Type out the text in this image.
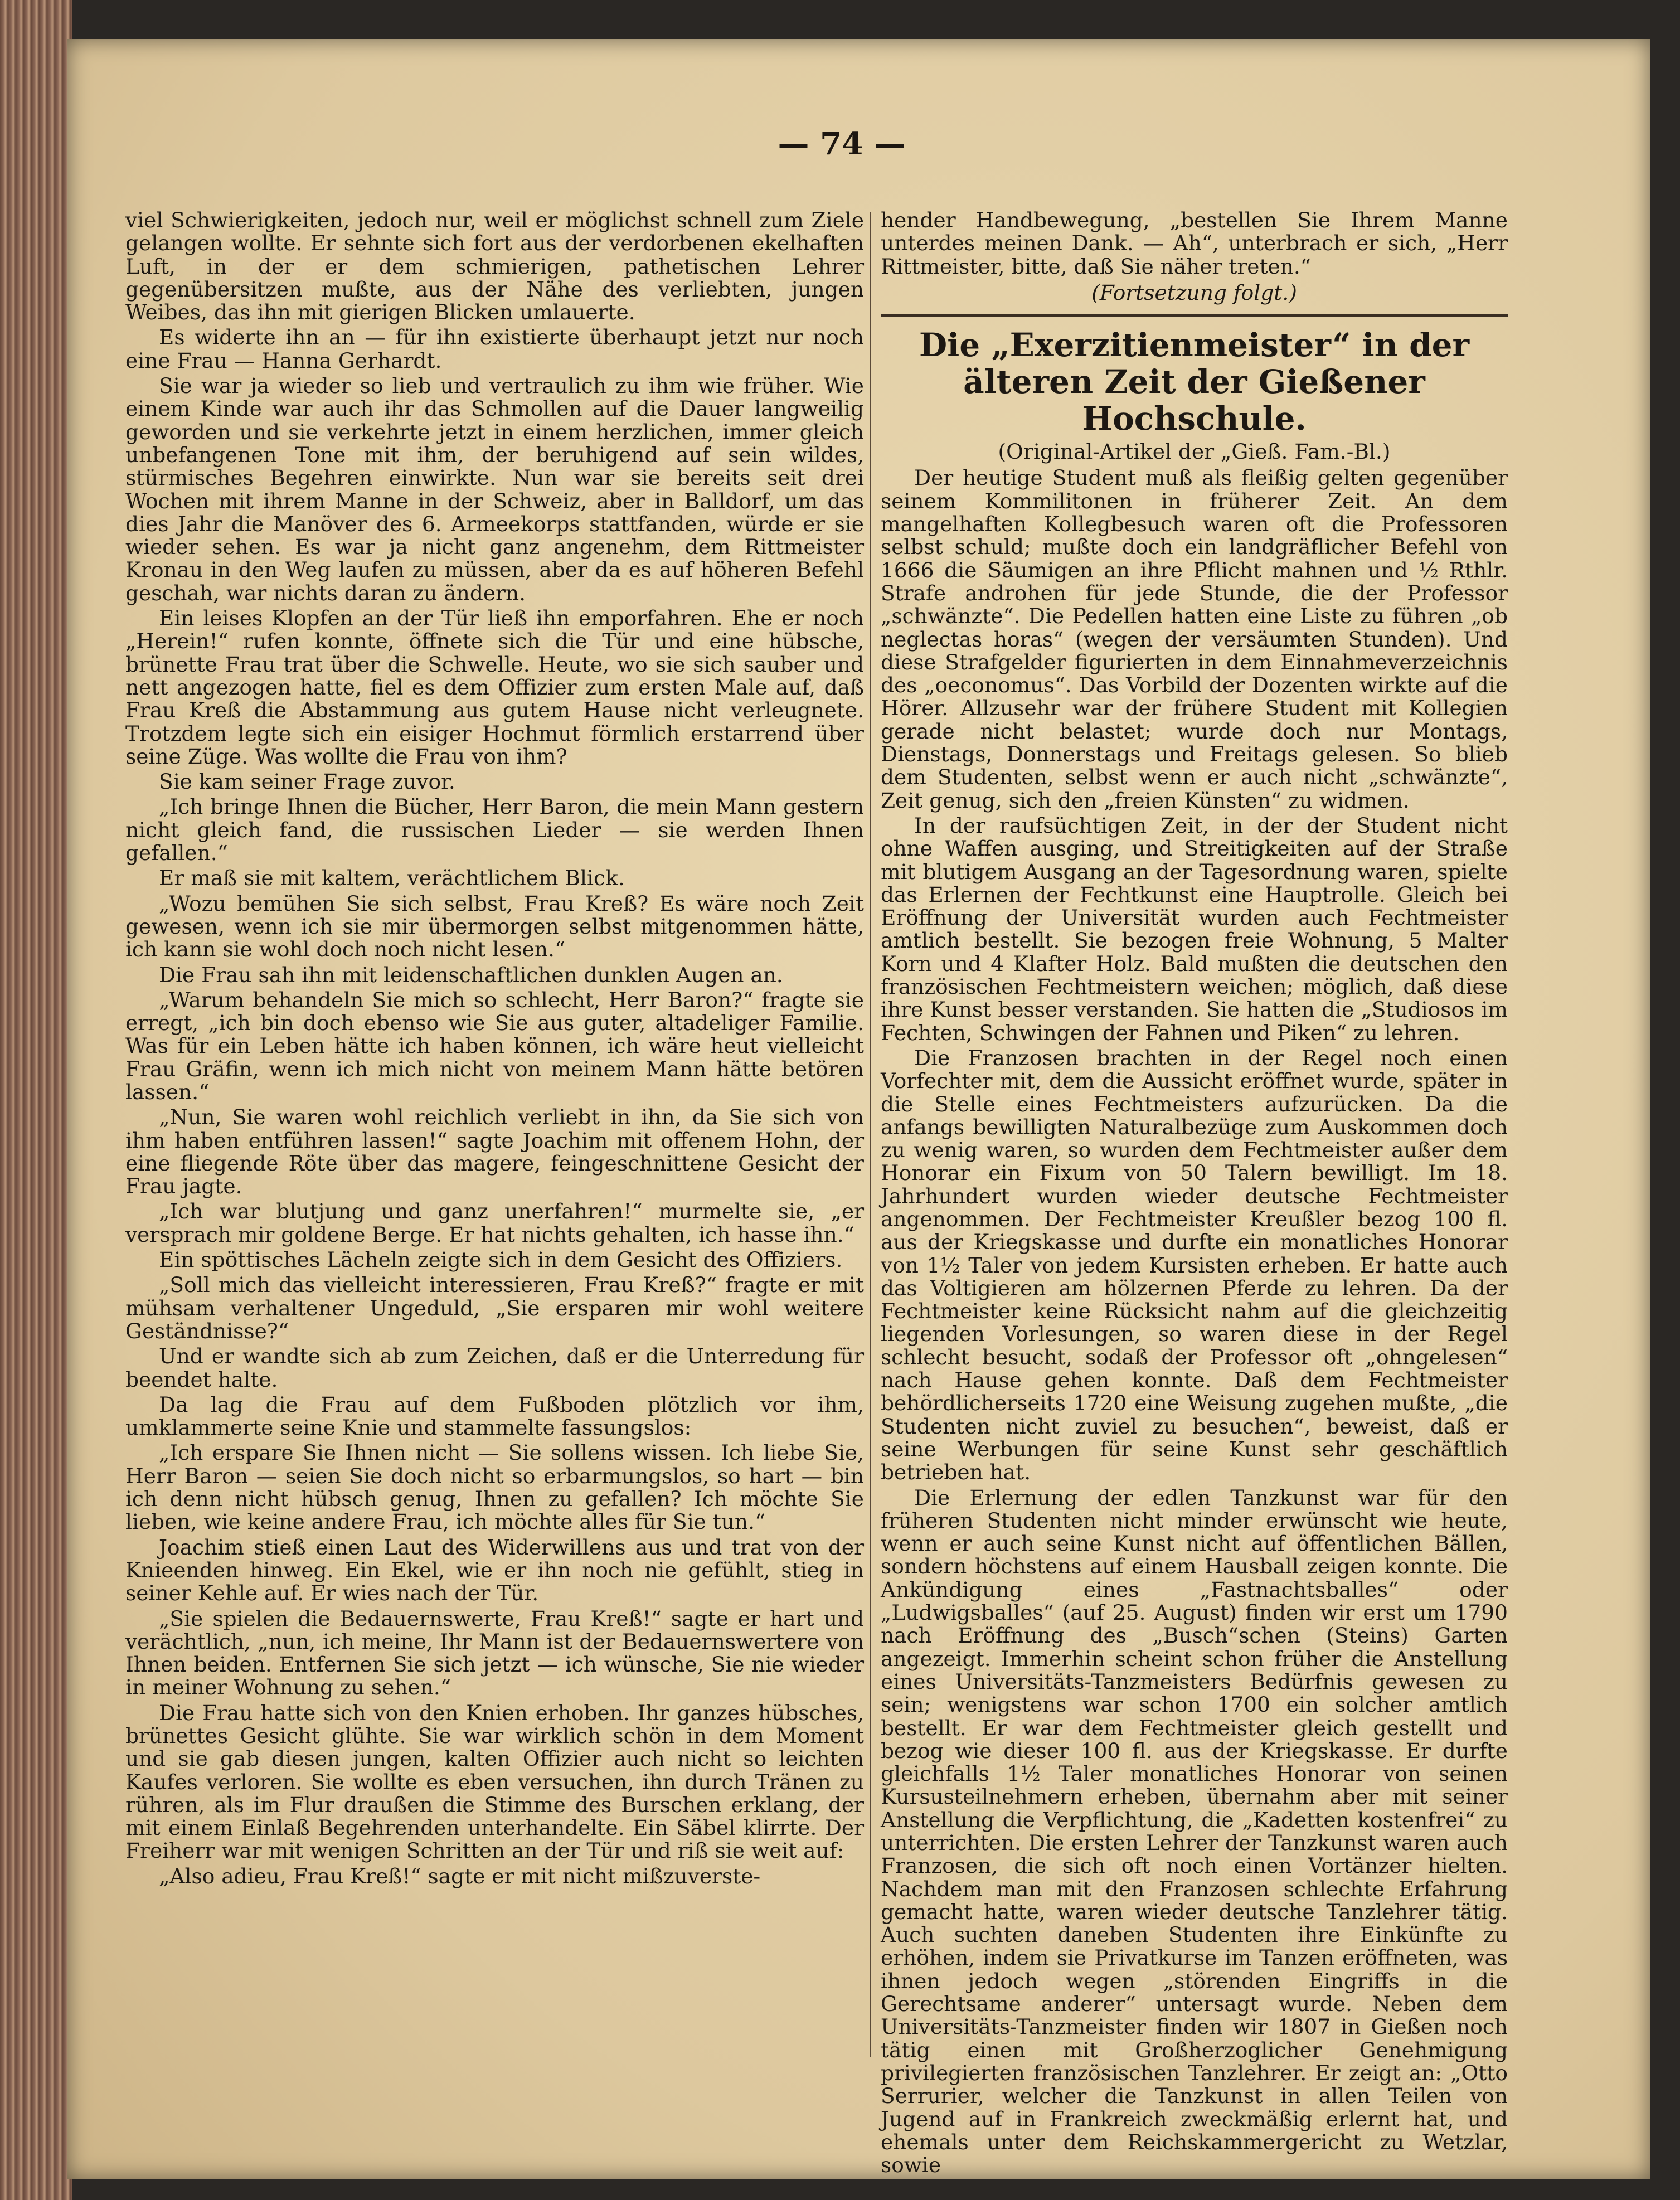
— 74 —

viel Schwierigkeiten, jedoch nur, weil er möglichst schnell zum Ziele gelangen wollte. Er sehnte sich fort aus der verdorbenen ekelhaften Luft, in der er dem schmierigen, pathetischen Lehrer gegenübersitzen mußte, aus der Nähe des verliebten, jungen Weibes, das ihn mit gierigen Blicken umlauerte.

Es widerte ihn an — für ihn existierte überhaupt jetzt nur noch eine Frau — Hanna Gerhardt.

Sie war ja wieder so lieb und vertraulich zu ihm wie früher. Wie einem Kinde war auch ihr das Schmollen auf die Dauer langweilig geworden und sie verkehrte jetzt in einem herzlichen, immer gleich unbefangenen Tone mit ihm, der beruhigend auf sein wildes, stürmisches Begehren einwirkte. Nun war sie bereits seit drei Wochen mit ihrem Manne in der Schweiz, aber in Balldorf, um das dies Jahr die Manöver des 6. Armeekorps stattfanden, würde er sie wieder sehen. Es war ja nicht ganz angenehm, dem Rittmeister Kronau in den Weg laufen zu müssen, aber da es auf höheren Befehl geschah, war nichts daran zu ändern.

Ein leises Klopfen an der Tür ließ ihn emporfahren. Ehe er noch „Herein!“ rufen konnte, öffnete sich die Tür und eine hübsche, brünette Frau trat über die Schwelle. Heute, wo sie sich sauber und nett angezogen hatte, fiel es dem Offizier zum ersten Male auf, daß Frau Kreß die Abstammung aus gutem Hause nicht verleugnete. Trotzdem legte sich ein eisiger Hochmut förmlich erstarrend über seine Züge. Was wollte die Frau von ihm?

Sie kam seiner Frage zuvor.

„Ich bringe Ihnen die Bücher, Herr Baron, die mein Mann gestern nicht gleich fand, die russischen Lieder — sie werden Ihnen gefallen.“

Er maß sie mit kaltem, verächtlichem Blick.

„Wozu bemühen Sie sich selbst, Frau Kreß? Es wäre noch Zeit gewesen, wenn ich sie mir übermorgen selbst mitgenommen hätte, ich kann sie wohl doch noch nicht lesen.“

Die Frau sah ihn mit leidenschaftlichen dunklen Augen an.

„Warum behandeln Sie mich so schlecht, Herr Baron?“ fragte sie erregt, „ich bin doch ebenso wie Sie aus guter, altadeliger Familie. Was für ein Leben hätte ich haben können, ich wäre heut vielleicht Frau Gräfin, wenn ich mich nicht von meinem Mann hätte betören lassen.“

„Nun, Sie waren wohl reichlich verliebt in ihn, da Sie sich von ihm haben entführen lassen!“ sagte Joachim mit offenem Hohn, der eine fliegende Röte über das magere, feingeschnittene Gesicht der Frau jagte.

„Ich war blutjung und ganz unerfahren!“ murmelte sie, „er versprach mir goldene Berge. Er hat nichts gehalten, ich hasse ihn.“

Ein spöttisches Lächeln zeigte sich in dem Gesicht des Offiziers.

„Soll mich das vielleicht interessieren, Frau Kreß?“ fragte er mit mühsam verhaltener Ungeduld, „Sie ersparen mir wohl weitere Geständnisse?“

Und er wandte sich ab zum Zeichen, daß er die Unterredung für beendet halte.

Da lag die Frau auf dem Fußboden plötzlich vor ihm, umklammerte seine Knie und stammelte fassungslos:

„Ich erspare Sie Ihnen nicht — Sie sollens wissen. Ich liebe Sie, Herr Baron — seien Sie doch nicht so erbarmungslos, so hart — bin ich denn nicht hübsch genug, Ihnen zu gefallen? Ich möchte Sie lieben, wie keine andere Frau, ich möchte alles für Sie tun.“

Joachim stieß einen Laut des Widerwillens aus und trat von der Knieenden hinweg. Ein Ekel, wie er ihn noch nie gefühlt, stieg in seiner Kehle auf. Er wies nach der Tür.

„Sie spielen die Bedauernswerte, Frau Kreß!“ sagte er hart und verächtlich, „nun, ich meine, Ihr Mann ist der Bedauernswertere von Ihnen beiden. Entfernen Sie sich jetzt — ich wünsche, Sie nie wieder in meiner Wohnung zu sehen.“

Die Frau hatte sich von den Knien erhoben. Ihr ganzes hübsches, brünettes Gesicht glühte. Sie war wirklich schön in dem Moment und sie gab diesen jungen, kalten Offizier auch nicht so leichten Kaufes verloren. Sie wollte es eben versuchen, ihn durch Tränen zu rühren, als im Flur draußen die Stimme des Burschen erklang, der mit einem Einlaß Begehrenden unterhandelte. Ein Säbel klirrte. Der Freiherr war mit wenigen Schritten an der Tür und riß sie weit auf:

„Also adieu, Frau Kreß!“ sagte er mit nicht mißzuverste-

hender Handbewegung, „bestellen Sie Ihrem Manne unterdes meinen Dank. — Ah“, unterbrach er sich, „Herr Rittmeister, bitte, daß Sie näher treten.“

(Fortsetzung folgt.)

Die „Exerzitienmeister“ in der älteren Zeit der Gießener Hochschule.

(Original-Artikel der „Gieß. Fam.-Bl.)

Der heutige Student muß als fleißig gelten gegenüber seinem Kommilitonen in früherer Zeit. An dem mangelhaften Kollegbesuch waren oft die Professoren selbst schuld; mußte doch ein landgräflicher Befehl von 1666 die Säumigen an ihre Pflicht mahnen und ½ Rthlr. Strafe androhen für jede Stunde, die der Professor „schwänzte“. Die Pedellen hatten eine Liste zu führen „ob neglectas horas“ (wegen der versäumten Stunden). Und diese Strafgelder figurierten in dem Einnahmeverzeichnis des „oeconomus“. Das Vorbild der Dozenten wirkte auf die Hörer. Allzusehr war der frühere Student mit Kollegien gerade nicht belastet; wurde doch nur Montags, Dienstags, Donnerstags und Freitags gelesen. So blieb dem Studenten, selbst wenn er auch nicht „schwänzte“, Zeit genug, sich den „freien Künsten“ zu widmen.

In der raufsüchtigen Zeit, in der der Student nicht ohne Waffen ausging, und Streitigkeiten auf der Straße mit blutigem Ausgang an der Tagesordnung waren, spielte das Erlernen der Fechtkunst eine Hauptrolle. Gleich bei Eröffnung der Universität wurden auch Fechtmeister amtlich bestellt. Sie bezogen freie Wohnung, 5 Malter Korn und 4 Klafter Holz. Bald mußten die deutschen den französischen Fechtmeistern weichen; möglich, daß diese ihre Kunst besser verstanden. Sie hatten die „Studiosos im Fechten, Schwingen der Fahnen und Piken“ zu lehren.

Die Franzosen brachten in der Regel noch einen Vorfechter mit, dem die Aussicht eröffnet wurde, später in die Stelle eines Fechtmeisters aufzurücken. Da die anfangs bewilligten Naturalbezüge zum Auskommen doch zu wenig waren, so wurden dem Fechtmeister außer dem Honorar ein Fixum von 50 Talern bewilligt. Im 18. Jahrhundert wurden wieder deutsche Fechtmeister angenommen. Der Fechtmeister Kreußler bezog 100 fl. aus der Kriegskasse und durfte ein monatliches Honorar von 1½ Taler von jedem Kursisten erheben. Er hatte auch das Voltigieren am hölzernen Pferde zu lehren. Da der Fechtmeister keine Rücksicht nahm auf die gleichzeitig liegenden Vorlesungen, so waren diese in der Regel schlecht besucht, sodaß der Professor oft „ohngelesen“ nach Hause gehen konnte. Daß dem Fechtmeister behördlicherseits 1720 eine Weisung zugehen mußte, „die Studenten nicht zuviel zu besuchen“, beweist, daß er seine Werbungen für seine Kunst sehr geschäftlich betrieben hat.

Die Erlernung der edlen Tanzkunst war für den früheren Studenten nicht minder erwünscht wie heute, wenn er auch seine Kunst nicht auf öffentlichen Bällen, sondern höchstens auf einem Hausball zeigen konnte. Die Ankündigung eines „Fastnachtsballes“ oder „Ludwigsballes“ (auf 25. August) finden wir erst um 1790 nach Eröffnung des „Busch“schen (Steins) Garten angezeigt. Immerhin scheint schon früher die Anstellung eines Universitäts-Tanzmeisters Bedürfnis gewesen zu sein; wenigstens war schon 1700 ein solcher amtlich bestellt. Er war dem Fechtmeister gleich gestellt und bezog wie dieser 100 fl. aus der Kriegskasse. Er durfte gleichfalls 1½ Taler monatliches Honorar von seinen Kursusteilnehmern erheben, übernahm aber mit seiner Anstellung die Verpflichtung, die „Kadetten kostenfrei“ zu unterrichten. Die ersten Lehrer der Tanzkunst waren auch Franzosen, die sich oft noch einen Vortänzer hielten. Nachdem man mit den Franzosen schlechte Erfahrung gemacht hatte, waren wieder deutsche Tanzlehrer tätig. Auch suchten daneben Studenten ihre Einkünfte zu erhöhen, indem sie Privatkurse im Tanzen eröffneten, was ihnen jedoch wegen „störenden Eingriffs in die Gerechtsame anderer“ untersagt wurde. Neben dem Universitäts-Tanzmeister finden wir 1807 in Gießen noch tätig einen mit Großherzoglicher Genehmigung privilegierten französischen Tanzlehrer. Er zeigt an: „Otto Serrurier, welcher die Tanzkunst in allen Teilen von Jugend auf in Frankreich zweckmäßig erlernt hat, und ehemals unter dem Reichskammergericht zu Wetzlar, sowie
